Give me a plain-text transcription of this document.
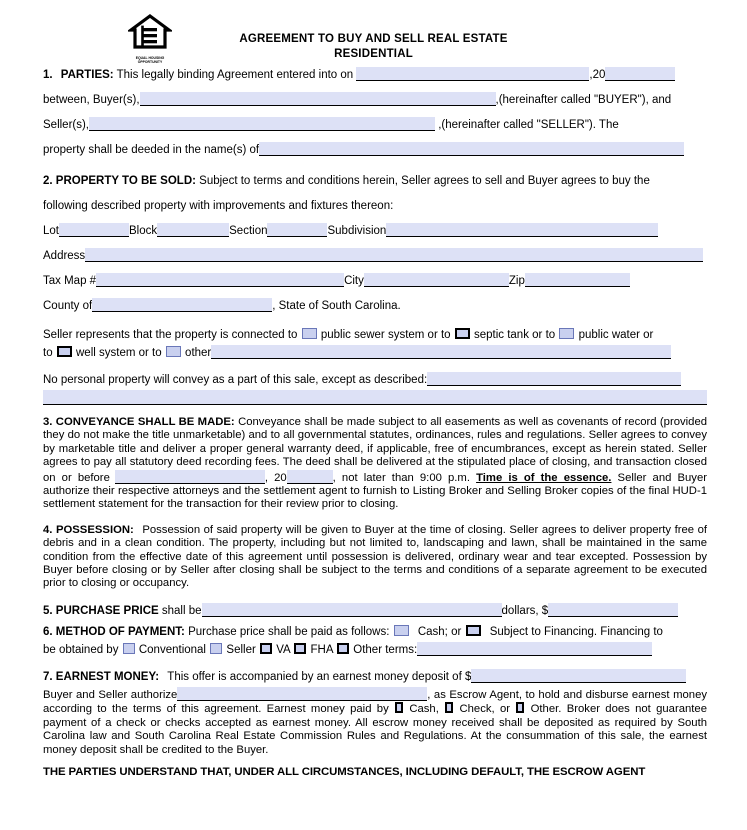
EQUAL HOUSING
OPPORTUNITY
AGREEMENT TO BUY AND SELL REAL ESTATE
RESIDENTIAL
1. PARTIES: This legally binding Agreement entered into on	,20
between, Buyer(s),	,(hereinafter called "BUYER"), and
Seller(s),	,(hereinafter called "SELLER"). The
property shall be deeded in the name(s) of
2. PROPERTY TO BE SOLD: Subject to terms and conditions herein, Seller agrees to sell and Buyer agrees to buy the
following described property with improvements and fixtures thereon:
Lot	Block	Section	Subdivision
Address
Tax Map #	City	Zip
County of	, State of South Carolina.
Seller represents that the property is connected to public sewer system or to septic tank or to public water or
to well system or to other
No personal property will convey as a part of this sale, except as described:
3. CONVEYANCE SHALL BE MADE: Conveyance shall be made subject to all easements as well as covenants of record (provided they do not make the title unmarketable) and to all governmental statutes, ordinances, rules and regulations. Seller agrees to convey by marketable title and deliver a proper general warranty deed, if applicable, free of encumbrances, except as herein stated. Seller agrees to pay all statutory deed recording fees. The deed shall be delivered at the stipulated place of closing, and transaction closed on or before	, 20	, not later than 9:00 p.m. Time is of the essence. Seller and Buyer authorize their respective attorneys and the settlement agent to furnish to Listing Broker and Selling Broker copies of the final HUD-1 settlement statement for the transaction for their review prior to closing.
4. POSSESSION: Possession of said property will be given to Buyer at the time of closing. Seller agrees to deliver property free of debris and in a clean condition. The property, including but not limited to, landscaping and lawn, shall be maintained in the same condition from the effective date of this agreement until possession is delivered, ordinary wear and tear excepted. Possession by Buyer before closing or by Seller after closing shall be subject to the terms and conditions of a separate agreement to be executed prior to closing or occupancy.
5. PURCHASE PRICE shall be	dollars, $
6. METHOD OF PAYMENT: Purchase price shall be paid as follows: Cash; or Subject to Financing. Financing to
be obtained by Conventional Seller VA FHA Other terms:
7. EARNEST MONEY: This offer is accompanied by an earnest money deposit of $
Buyer and Seller authorize	, as Escrow Agent, to hold and disburse earnest money according to the terms of this agreement. Earnest money paid by Cash, Check, or Other. Broker does not guarantee payment of a check or checks accepted as earnest money. All escrow money received shall be deposited as required by South Carolina law and South Carolina Real Estate Commission Rules and Regulations. At the consummation of this sale, the earnest money deposit shall be credited to the Buyer.
THE PARTIES UNDERSTAND THAT, UNDER ALL CIRCUMSTANCES, INCLUDING DEFAULT, THE ESCROW AGENT
